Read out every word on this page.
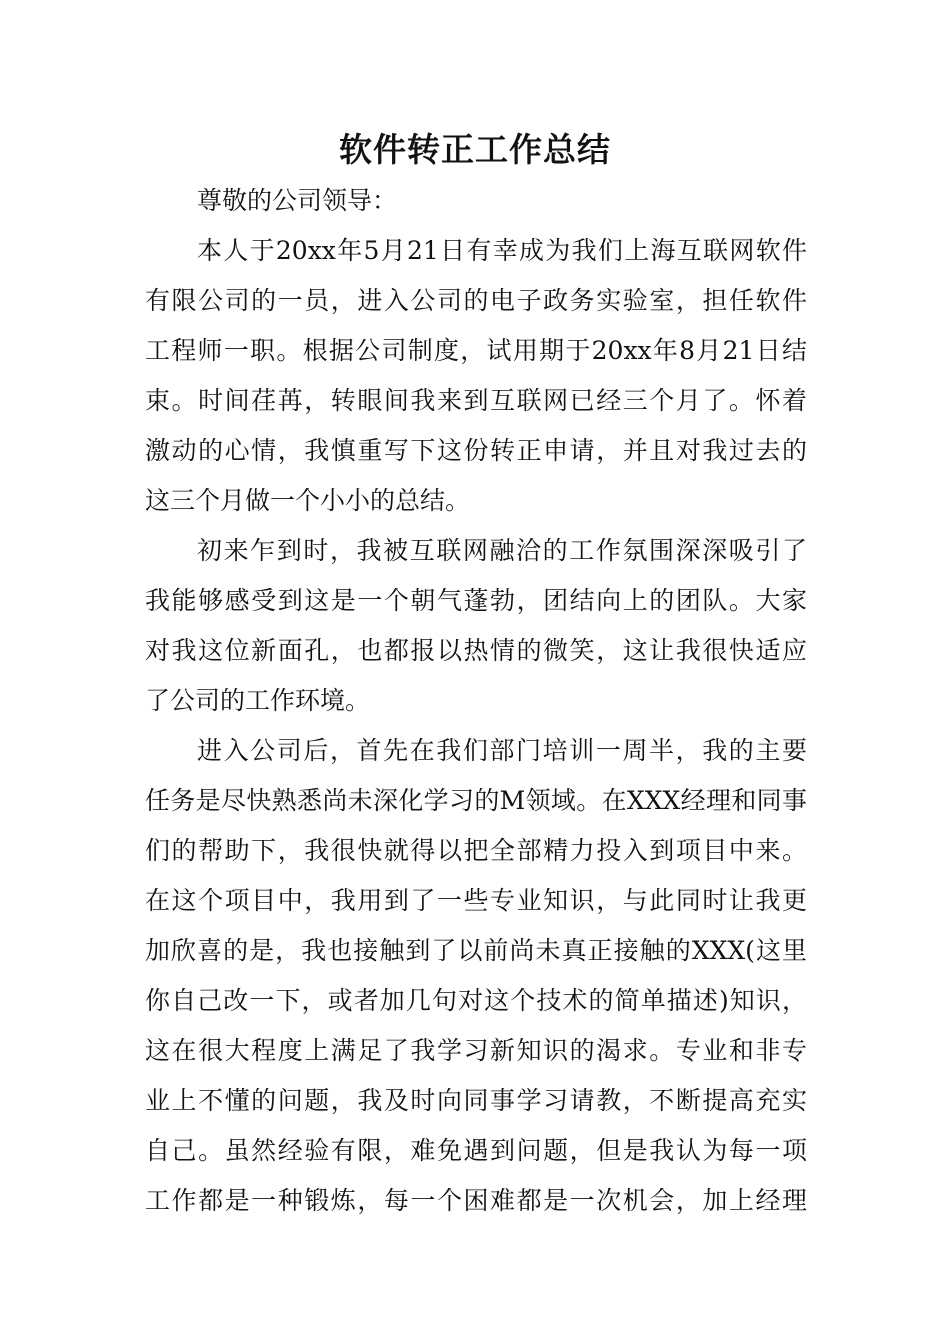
软件转正工作总结
尊敬的公司领导：
本人于20xx年5月21日有幸成为我们上海互联网软件
有限公司的一员，进入公司的电子政务实验室，担任软件
工程师一职。根据公司制度，试用期于20xx年8月21日结
束。时间荏苒，转眼间我来到互联网已经三个月了。怀着
激动的心情，我慎重写下这份转正申请，并且对我过去的
这三个月做一个小小的总结。
初来乍到时，我被互联网融洽的工作氛围深深吸引了
我能够感受到这是一个朝气蓬勃，团结向上的团队。大家
对我这位新面孔，也都报以热情的微笑，这让我很快适应
了公司的工作环境。
进入公司后，首先在我们部门培训一周半，我的主要
任务是尽快熟悉尚未深化学习的M领域。在XXX经理和同事
们的帮助下，我很快就得以把全部精力投入到项目中来。
在这个项目中，我用到了一些专业知识，与此同时让我更
加欣喜的是，我也接触到了以前尚未真正接触的XXX(这里
你自己改一下，或者加几句对这个技术的简单描述)知识，
这在很大程度上满足了我学习新知识的渴求。专业和非专
业上不懂的问题，我及时向同事学习请教，不断提高充实
自己。虽然经验有限，难免遇到问题，但是我认为每一项
工作都是一种锻炼，每一个困难都是一次机会，加上经理
